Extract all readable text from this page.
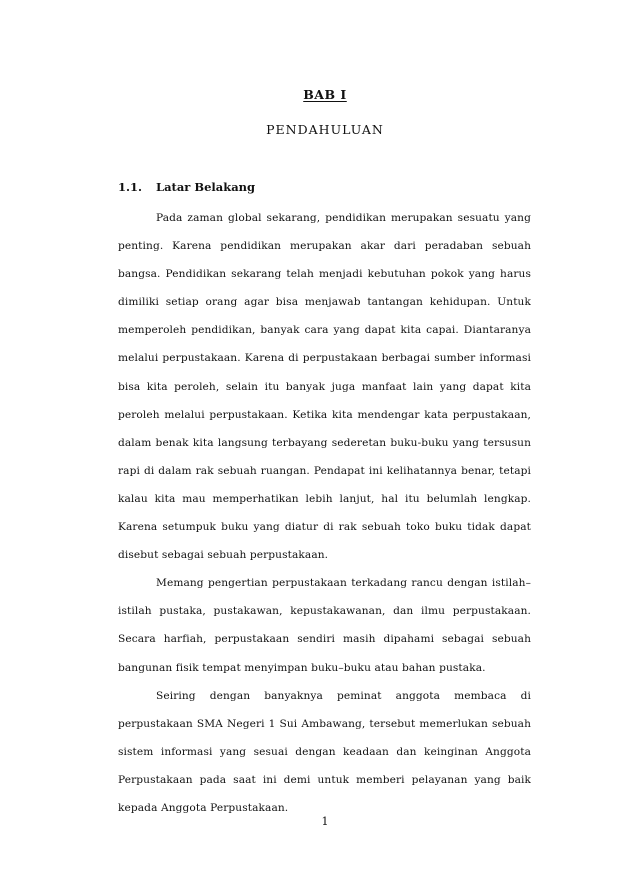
BAB I
PENDAHULUAN
1.1. Latar Belakang

Pada zaman global sekarang, pendidikan merupakan sesuatu yang penting. Karena pendidikan merupakan akar dari peradaban sebuah bangsa. Pendidikan sekarang telah menjadi kebutuhan pokok yang harus dimiliki setiap orang agar bisa menjawab tantangan kehidupan. Untuk memperoleh pendidikan, banyak cara yang dapat kita capai. Diantaranya melalui perpustakaan. Karena di perpustakaan berbagai sumber informasi bisa kita peroleh, selain itu banyak juga manfaat lain yang dapat kita peroleh melalui perpustakaan. Ketika kita mendengar kata perpustakaan, dalam benak kita langsung terbayang sederetan buku-buku yang tersusun rapi di dalam rak sebuah ruangan. Pendapat ini kelihatannya benar, tetapi kalau kita mau memperhatikan lebih lanjut, hal itu belumlah lengkap. Karena setumpuk buku yang diatur di rak sebuah toko buku tidak dapat disebut sebagai sebuah perpustakaan.

Memang pengertian perpustakaan terkadang rancu dengan istilah–istilah pustaka, pustakawan, kepustakawanan, dan ilmu perpustakaan. Secara harfiah, perpustakaan sendiri masih dipahami sebagai sebuah bangunan fisik tempat menyimpan buku–buku atau bahan pustaka.

Seiring dengan banyaknya peminat anggota membaca di perpustakaan SMA Negeri 1 Sui Ambawang, tersebut memerlukan sebuah sistem informasi yang sesuai dengan keadaan dan keinginan Anggota Perpustakaan pada saat ini demi untuk memberi pelayanan yang baik kepada Anggota Perpustakaan.

1
